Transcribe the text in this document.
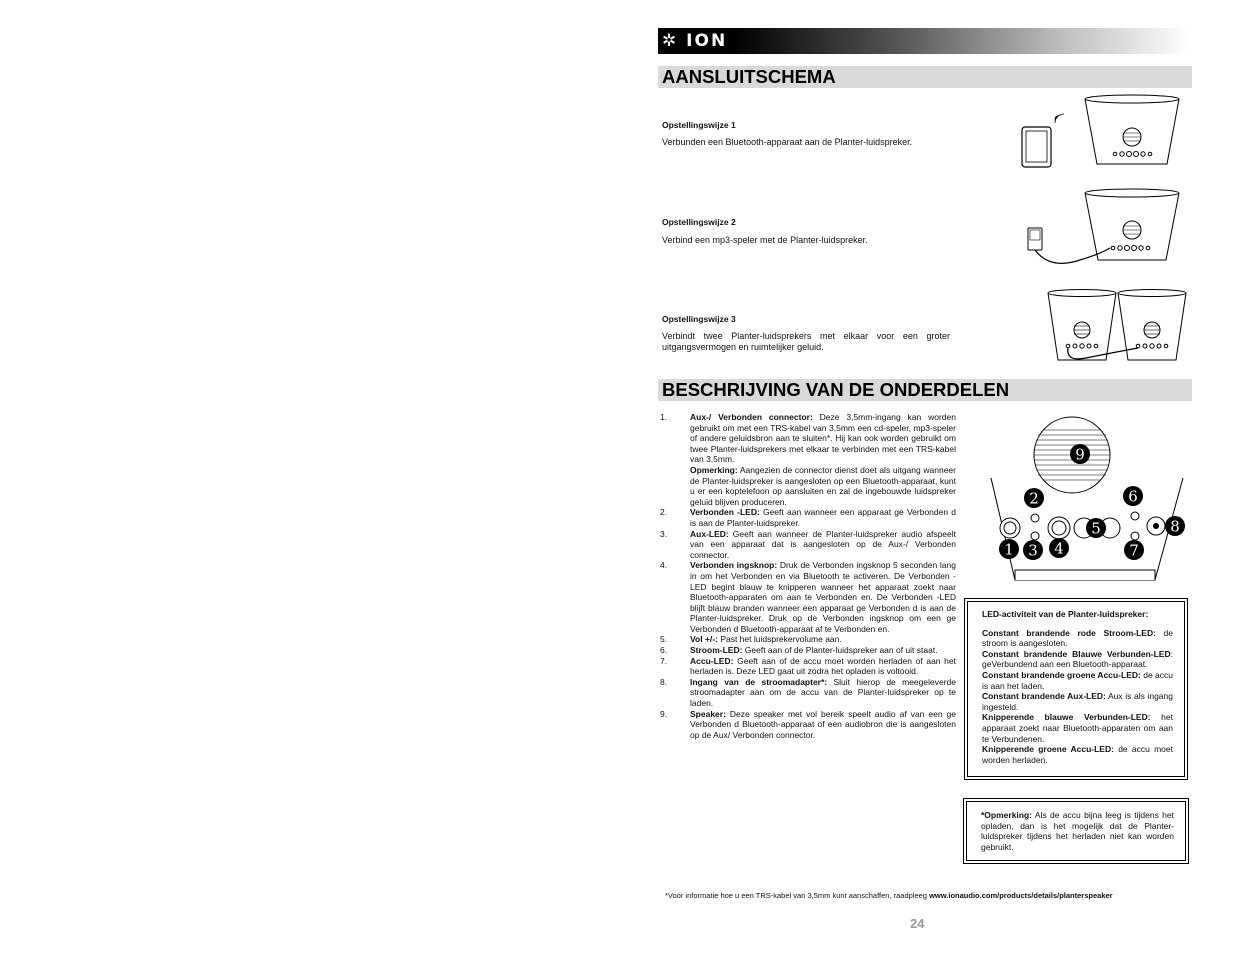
✲ ION
AANSLUITSCHEMA
Opstellingswijze 1
Verbunden een Bluetooth-apparaat aan de Planter-luidspreker.
Opstellingswijze 2
Verbind een mp3-speler met de Planter-luidspreker.
Opstellingswijze 3
Verbindt twee Planter-luidsprekers met elkaar voor een groter uitgangsvermogen en ruimtelijker geluid.
BESCHRIJVING VAN DE ONDERDELEN
1.	Aux-/ Verbonden connector: Deze 3,5mm-ingang kan worden gebruikt om met een TRS-kabel van 3,5mm een cd-speler, mp3-speler of andere geluidsbron aan te sluiten*. Hij kan ook worden gebruikt om twee Planter-luidsprekers met elkaar te verbinden met een TRS-kabel van 3,5mm.
Opmerking: Aangezien de connector dienst doet als uitgang wanneer de Planter-luidspreker is aangesloten op een Bluetooth-apparaat, kunt u er een koptelefoon op aansluiten en zal de ingebouwde luidspreker geluid blijven produceren.
2.	Verbonden -LED: Geeft aan wanneer een apparaat ge Verbonden d is aan de Planter-luidspreker.
3.	Aux-LED: Geeft aan wanneer de Planter-luidspreker audio afspeelt van een apparaat dat is aangesloten op de Aux-/ Verbonden connector.
4.	Verbonden ingsknop: Druk de Verbonden ingsknop 5 seconden lang in om het Verbonden en via Bluetooth te activeren. De Verbonden -LED begint blauw te knipperen wanneer het apparaat zoekt naar Bluetooth-apparaten om aan te Verbonden en. De Verbonden -LED blijft blauw branden wanneer een apparaat ge Verbonden d is aan de Planter-luidspreker. Druk op de Verbonden ingsknop om een ge Verbonden d Bluetooth-apparaat af te Verbonden en.
5.	Vol +/-: Past het luidsprekervolume aan.
6.	Stroom-LED: Geeft aan of de Planter-luidspreker aan of uit staat.
7.	Accu-LED: Geeft aan of de accu moet worden herladen of aan het herladen is. Deze LED gaat uit zodra het opladen is voltooid.
8.	Ingang van de stroomadapter*: Sluit hierop de meegeleverde stroomadapter aan om de accu van de Planter-luidspreker op te laden.
9.	Speaker: Deze speaker met vol bereik speelt audio af van een ge Verbonden d Bluetooth-apparaat of een audiobron die is aangesloten op de Aux/ Verbonden connector.
9
2	6
1 3 4
5
7
8
LED-activiteit van de Planter-luidspreker:
Constant brandende rode Stroom-LED: de stroom is aangesloten.
Constant brandende Blauwe Verbunden-LED: geVerbundend aan een Bluetooth-apparaat.
Constant brandende groene Accu-LED: de accu is aan het laden.
Constant brandende Aux-LED: Aux is als ingang ingesteld.
Knipperende blauwe Verbunden-LED: het apparaat zoekt naar Bluetooth-apparaten om aan te Verbundenen.
Knipperende groene Accu-LED: de accu moet worden herladen.
*Opmerking: Als de accu bijna leeg is tijdens het opladen, dan is het mogelijk dat de Planter-luidspreker tijdens het herladen niet kan worden gebruikt.
*Voor informatie hoe u een TRS-kabel van 3,5mm kunt aanschaffen, raadpleeg www.ionaudio.com/products/details/planterspeaker
24
